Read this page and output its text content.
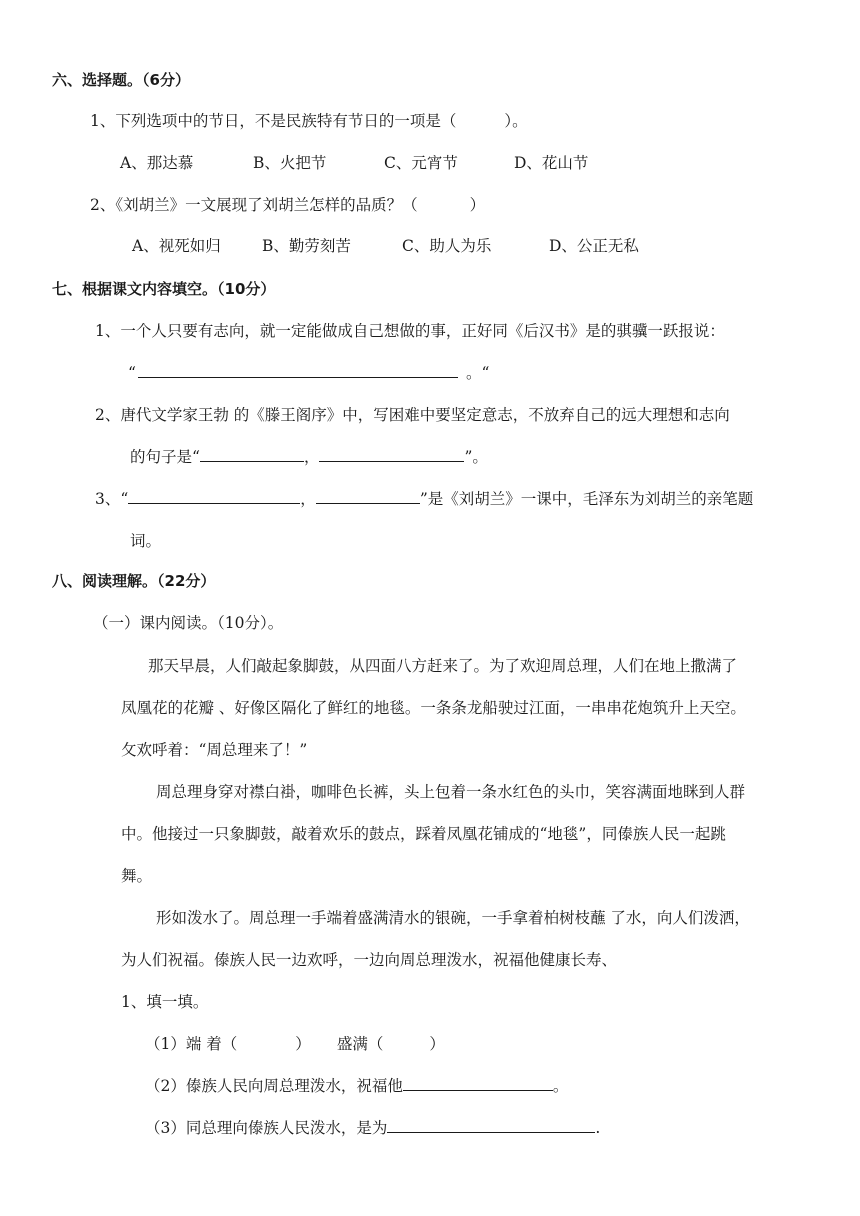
六、选择题。（6分）
1、下列选项中的节日，不是民族特有节日的一项是（	）。
A、那达慕	B、火把节	C、元宵节	D、花山节
2、《刘胡兰》一文展现了刘胡兰怎样的品质？（	）
A、视死如归	B、勤劳刻苦	C、助人为乐	D、公正无私
七、根据课文内容填空。（10分）
1、一个人只要有志向，就一定能做成自己想做的事，正好同《后汉书》是的骐骥一跃报说：
“	。“
2、唐代文学家王勃 的《滕王阁序》中，写困难中要坚定意志，不放弃自己的远大理想和志向
的句子是“	，	”。
3、“	，	”是《刘胡兰》一课中，毛泽东为刘胡兰的亲笔题
词。
八、阅读理解。（22分）
（一）课内阅读。（10分）。
那天早晨，人们敲起象脚鼓，从四面八方赶来了。为了欢迎周总理，人们在地上撒满了
凤凰花的花瓣 、好像区隔化了鲜红的地毯。一条条龙船驶过江面，一串串花炮筑升上天空。
攵欢呼着：“周总理来了！”
周总理身穿对襟白褂，咖啡色长裤，头上包着一条水红色的头巾，笑容满面地眯到人群
中。他接过一只象脚鼓，敲着欢乐的鼓点，踩着凤凰花铺成的“地毯”，同傣族人民一起跳
舞。
形如泼水了。周总理一手端着盛满清水的银碗，一手拿着柏树枝蘸 了水，向人们泼洒，
为人们祝福。傣族人民一边欢呼，一边向周总理泼水，祝福他健康长寿、
1、填一填。
（1）端 着（	） 盛满（	）
（2）傣族人民向周总理泼水，祝福他	。
（3）同总理向傣族人民泼水，是为	.
